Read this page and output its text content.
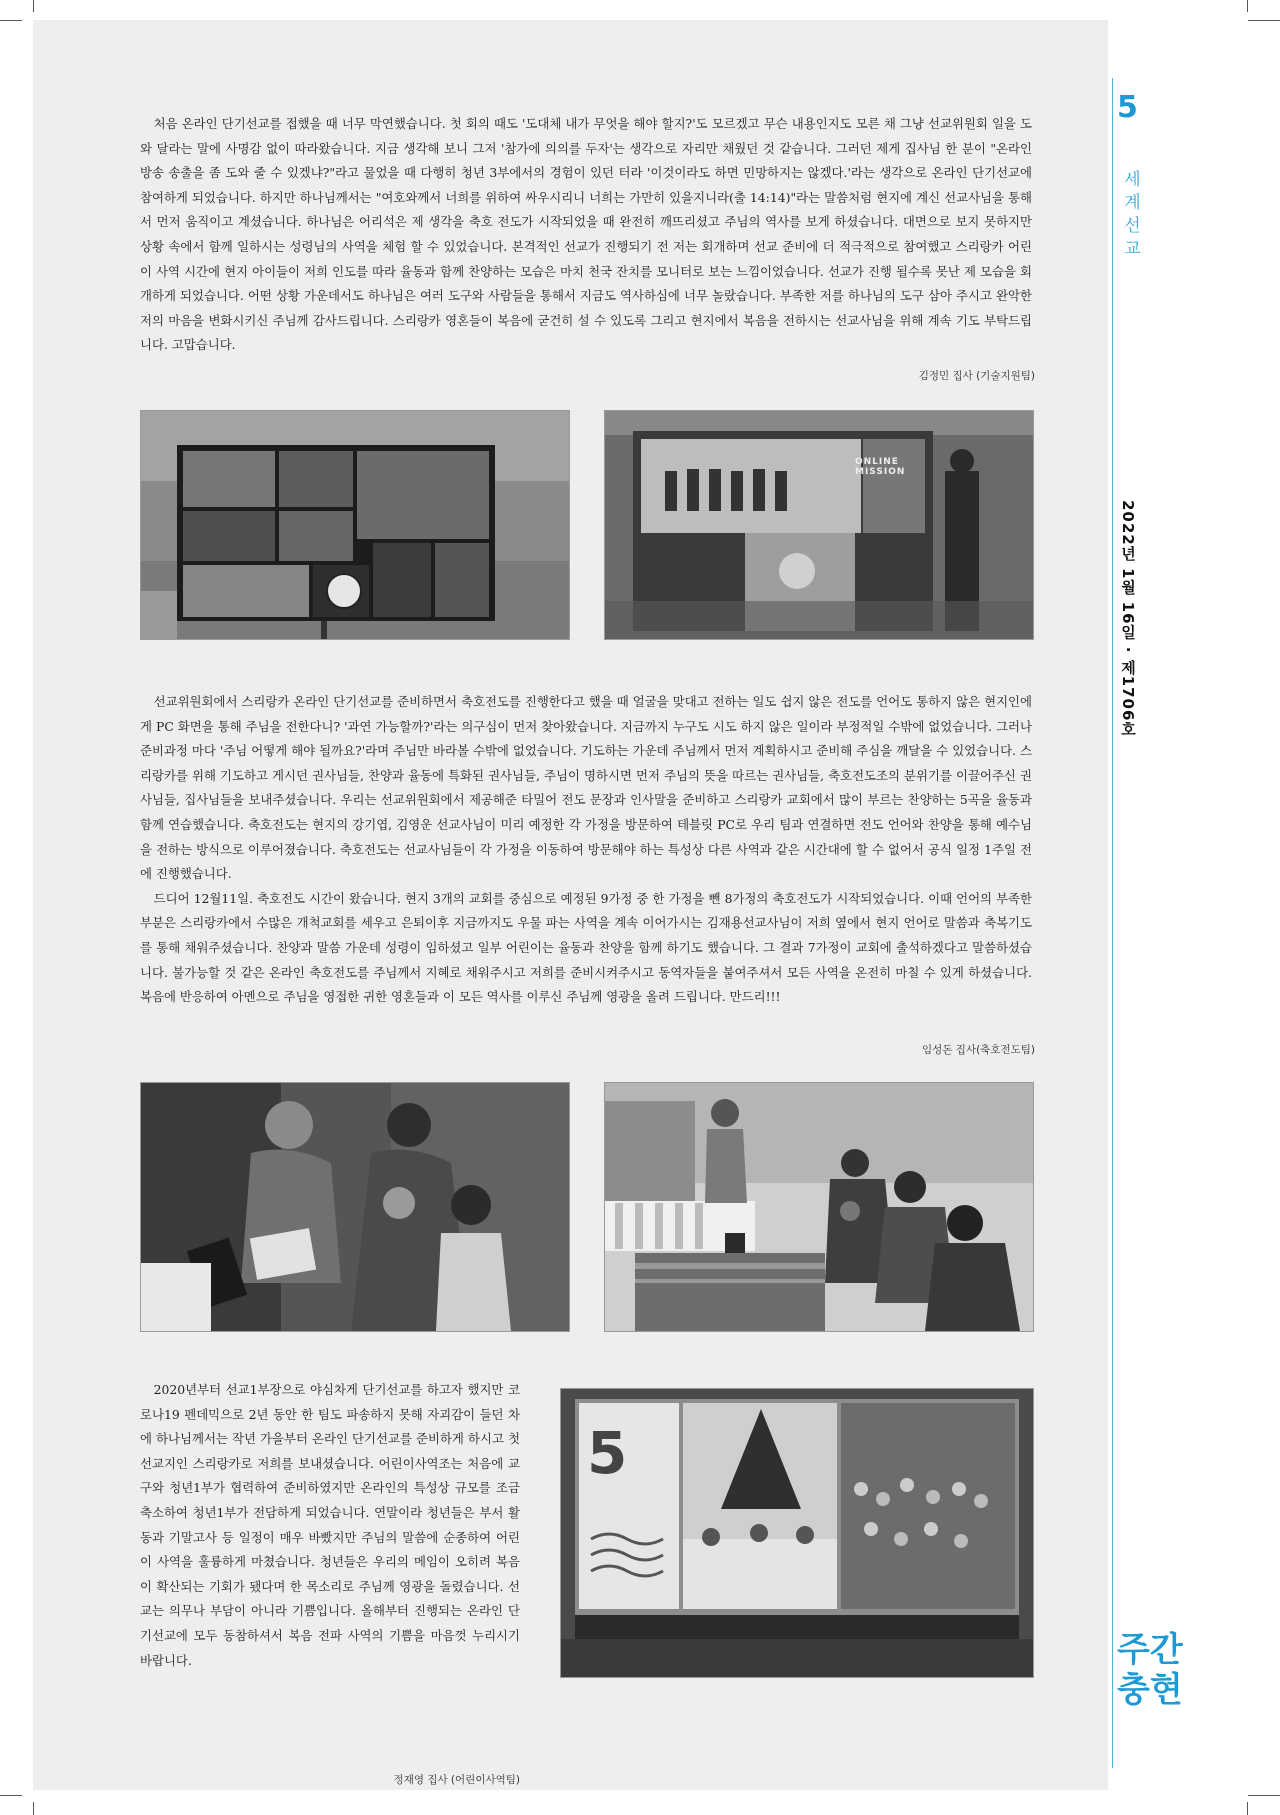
처음 온라인 단기선교를 접했을 때 너무 막연했습니다. 첫 회의 때도 '도대체 내가 무엇을 해야 할지?'도 모르겠고 무슨 내용인지도 모른 채 그냥 선교위원회 일을 도와 달라는 말에 사명감 없이 따라왔습니다. 지금 생각해 보니 그저 '참가에 의의를 두자'는 생각으로 자리만 채웠던 것 같습니다. 그러던 제게 집사님 한 분이 "온라인 방송 송출을 좀 도와 줄 수 있겠냐?"라고 물었을 때 다행히 청년 3부에서의 경험이 있던 터라 '이것이라도 하면 민망하지는 않겠다.'라는 생각으로 온라인 단기선교에 참여하게 되었습니다. 하지만 하나님께서는 "여호와께서 너희를 위하여 싸우시리니 너희는 가만히 있을지니라(출 14:14)"라는 말씀처럼 현지에 계신 선교사님을 통해서 먼저 움직이고 계셨습니다. 하나님은 어리석은 제 생각을 축호 전도가 시작되었을 때 완전히 깨뜨리셨고 주님의 역사를 보게 하셨습니다. 대면으로 보지 못하지만 상황 속에서 함께 일하시는 성령님의 사역을 체험 할 수 있었습니다. 본격적인 선교가 진행되기 전 저는 회개하며 선교 준비에 더 적극적으로 참여했고 스리랑카 어린이 사역 시간에 현지 아이들이 저희 인도를 따라 율동과 함께 찬양하는 모습은 마치 천국 잔치를 모니터로 보는 느낌이었습니다. 선교가 진행 될수록 못난 제 모습을 회개하게 되었습니다. 어떤 상황 가운데서도 하나님은 여러 도구와 사람들을 통해서 지금도 역사하심에 너무 놀랐습니다. 부족한 저를 하나님의 도구 삼아 주시고 완악한 저의 마음을 변화시키신 주님께 감사드립니다. 스리랑카 영혼들이 복음에 굳건히 설 수 있도록 그리고 현지에서 복음을 전하시는 선교사님을 위해 계속 기도 부탁드립니다. 고맙습니다.

김정민 집사 (기술지원팀)
ONLINE MISSION

선교위원회에서 스리랑카 온라인 단기선교를 준비하면서 축호전도를 진행한다고 했을 때 얼굴을 맞대고 전하는 일도 쉽지 않은 전도를 언어도 통하지 않은 현지인에게 PC 화면을 통해 주님을 전한다니? '과연 가능할까?'라는 의구심이 먼저 찾아왔습니다. 지금까지 누구도 시도 하지 않은 일이라 부정적일 수밖에 없었습니다. 그러나 준비과정 마다 '주님 어떻게 해야 될까요?'라며 주님만 바라볼 수밖에 없었습니다. 기도하는 가운데 주님께서 먼저 계획하시고 준비해 주심을 깨달을 수 있었습니다. 스리랑카를 위해 기도하고 게시던 권사님들, 찬양과 율동에 특화된 권사님들, 주님이 명하시면 먼저 주님의 뜻을 따르는 권사님들, 축호전도조의 분위기를 이끌어주신 권사님들, 집사님들을 보내주셨습니다. 우리는 선교위원회에서 제공해준 타밀어 전도 문장과 인사말을 준비하고 스리랑카 교회에서 많이 부르는 찬양하는 5곡을 율동과 함께 연습했습니다. 축호전도는 현지의 강기엽, 김영운 선교사님이 미리 예정한 각 가정을 방문하여 테블릿 PC로 우리 팀과 연결하면 전도 언어와 찬양을 통해 예수님을 전하는 방식으로 이루어졌습니다. 축호전도는 선교사님들이 각 가정을 이동하여 방문해야 하는 특성상 다른 사역과 같은 시간대에 할 수 없어서 공식 일정 1주일 전에 진행했습니다.

드디어 12월11일. 축호전도 시간이 왔습니다. 현지 3개의 교회를 중심으로 예정된 9가정 중 한 가정을 뺀 8가정의 축호전도가 시작되었습니다. 이때 언어의 부족한 부분은 스리랑카에서 수많은 개척교회를 세우고 은퇴이후 지금까지도 우물 파는 사역을 계속 이어가시는 김재용선교사님이 저희 옆에서 현지 언어로 말씀과 축복기도를 통해 채워주셨습니다. 찬양과 말씀 가운데 성령이 임하셨고 일부 어린이는 율동과 찬양을 함께 하기도 했습니다. 그 결과 7가정이 교회에 출석하겠다고 말씀하셨습니다. 불가능할 것 같은 온라인 축호전도를 주님께서 지혜로 채워주시고 저희를 준비시켜주시고 동역자들을 붙여주셔서 모든 사역을 온전히 마칠 수 있게 하셨습니다. 복음에 반응하여 아멘으로 주님을 영접한 귀한 영혼들과 이 모든 역사를 이루신 주님께 영광을 올려 드립니다. 만드리!!!

임성돈 집사(축호전도팀)

2020년부터 선교1부장으로 야심차게 단기선교를 하고자 했지만 코로나19 펜데믹으로 2년 동안 한 팀도 파송하지 못해 자괴감이 들던 차에 하나님께서는 작년 가을부터 온라인 단기선교를 준비하게 하시고 첫 선교지인 스리랑카로 저희를 보내셨습니다. 어린이사역조는 처음에 교구와 청년1부가 협력하여 준비하였지만 온라인의 특성상 규모를 조금 축소하여 청년1부가 전담하게 되었습니다. 연말이라 청년들은 부서 활동과 기말고사 등 일정이 매우 바빴지만 주님의 말씀에 순종하여 어린이 사역을 훌륭하게 마쳤습니다. 청년들은 우리의 메임이 오히려 복음이 확산되는 기회가 됐다며 한 목소리로 주님께 영광을 돌렸습니다. 선교는 의무나 부담이 아니라 기쁨입니다. 올해부터 진행되는 온라인 단기선교에 모두 동참하셔서 복음 전파 사역의 기쁨을 마음껏 누리시기 바랍니다.

정재영 집사 (어린이사역팀)
5
5
세계선교
2022년 1월 16일 · 제1706호
주간
충현
